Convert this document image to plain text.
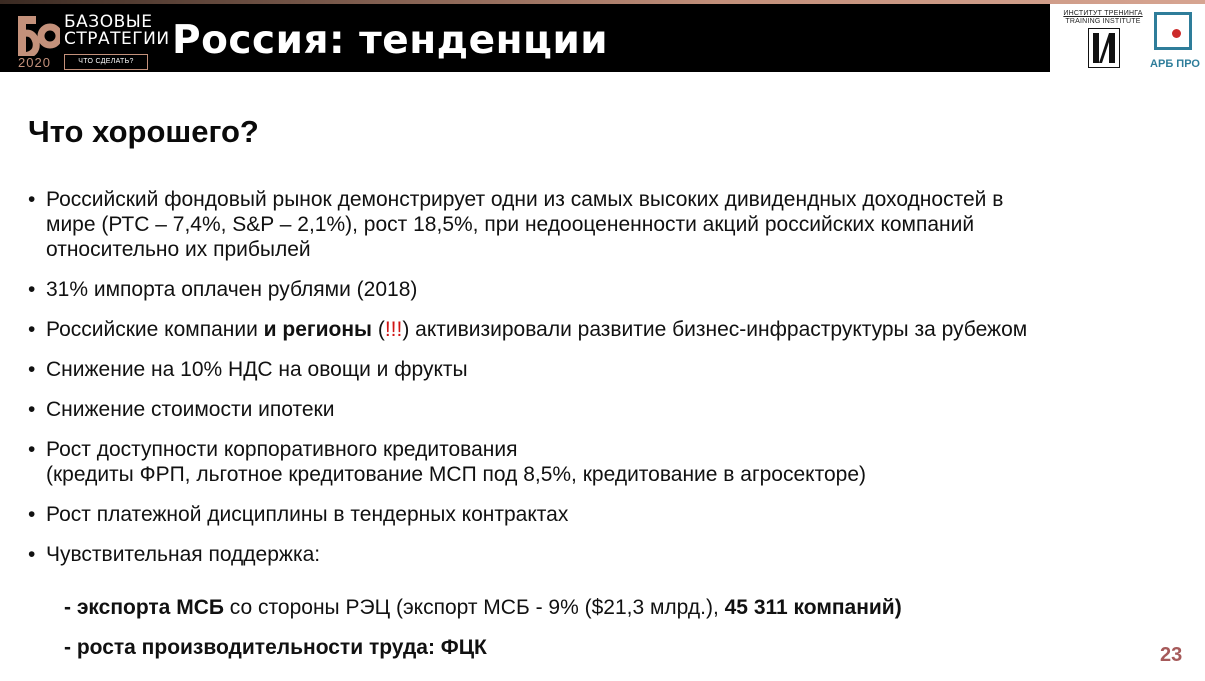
2020
БАЗОВЫЕ
СТРАТЕГИИ
ЧТО СДЕЛАТЬ? Россия: тенденции
ИНСТИТУТ ТРЕНИНГА
TRAINING INSTITUTE
АРБ ПРО
Что хорошего?
• Российский фондовый рынок демонстрирует одни из самых высоких дивидендных доходностей в
мире (РТС – 7,4%, S&P – 2,1%), рост 18,5%, при недооцененности акций российских компаний
относительно их прибылей
• 31% импорта оплачен рублями (2018)
• Российские компании и регионы (!!!) активизировали развитие бизнес-инфраструктуры за рубежом
• Снижение на 10% НДС на овощи и фрукты
• Снижение стоимости ипотеки
• Рост доступности корпоративного кредитования
(кредиты ФРП, льготное кредитование МСП под 8,5%, кредитование в агросекторе)
• Рост платежной дисциплины в тендерных контрактах
• Чувствительная поддержка:
- экспорта МСБ со стороны РЭЦ (экспорт МСБ - 9% ($21,3 млрд.), 45 311 компаний)
- роста производительности труда: ФЦК	23
